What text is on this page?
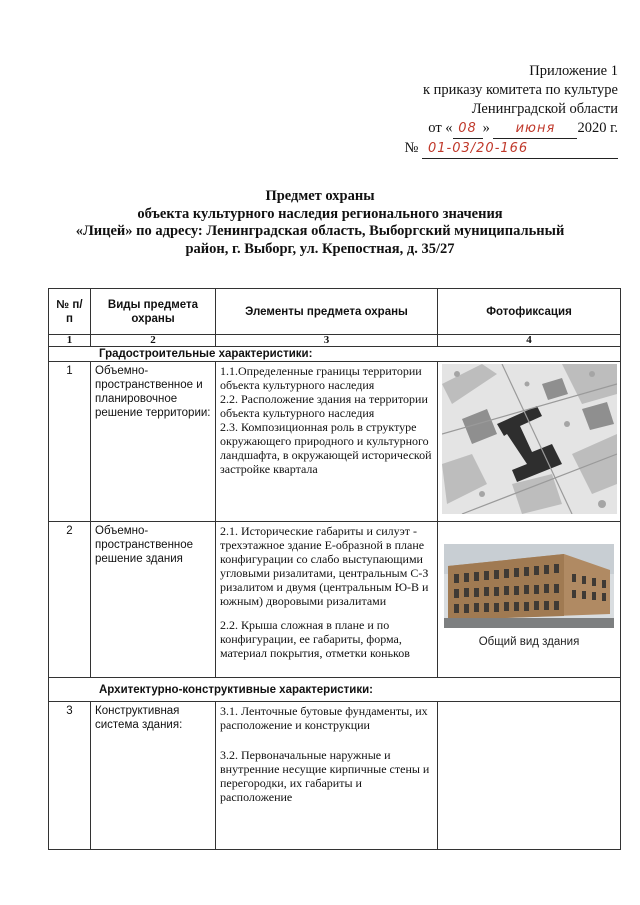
Приложение 1
к приказу комитета по культуре
Ленинградской области
от « 08 » июня 2020 г.
№ 01-03/20-166
Предмет охраны
объекта культурного наследия регионального значения
«Лицей» по адресу: Ленинградская область, Выборгский муниципальный
район, г. Выборг, ул. Крепостная, д. 35/27
№ п/п	Виды предмета охраны	Элементы предмета охраны	Фотофиксация
1	2	3	4
Градостроительные характеристики:			
1	Объемно-пространственное и планировочное решение территории:	1.1.Определенные границы территории объекта культурного наследия

2.2. Расположение здания на территории объекта культурного наследия

2.3. Композиционная роль в структуре окружающего природного и культурного ландшафта, в окружающей исторической застройке квартала

2	Объемно-пространственное решение здания	2.1. Исторические габариты и силуэт - трехэтажное здание Е-образной в плане конфигурации со слабо выступающими угловыми ризалитами, центральным С-З ризалитом и двумя (центральным Ю-В и южным) дворовыми ризалитами

2.2. Крыша сложная в плане и по конфигурации, ее габариты, форма, материал покрытия, отметки коньков	Общий вид здания

Архитектурно-конструктивные характеристики:			
3	Конструктивная система здания:	3.1. Ленточные бутовые фундаменты, их расположение и конструкции

3.2. Первоначальные наружные и внутренние несущие кирпичные стены и перегородки, их габариты и расположение	
